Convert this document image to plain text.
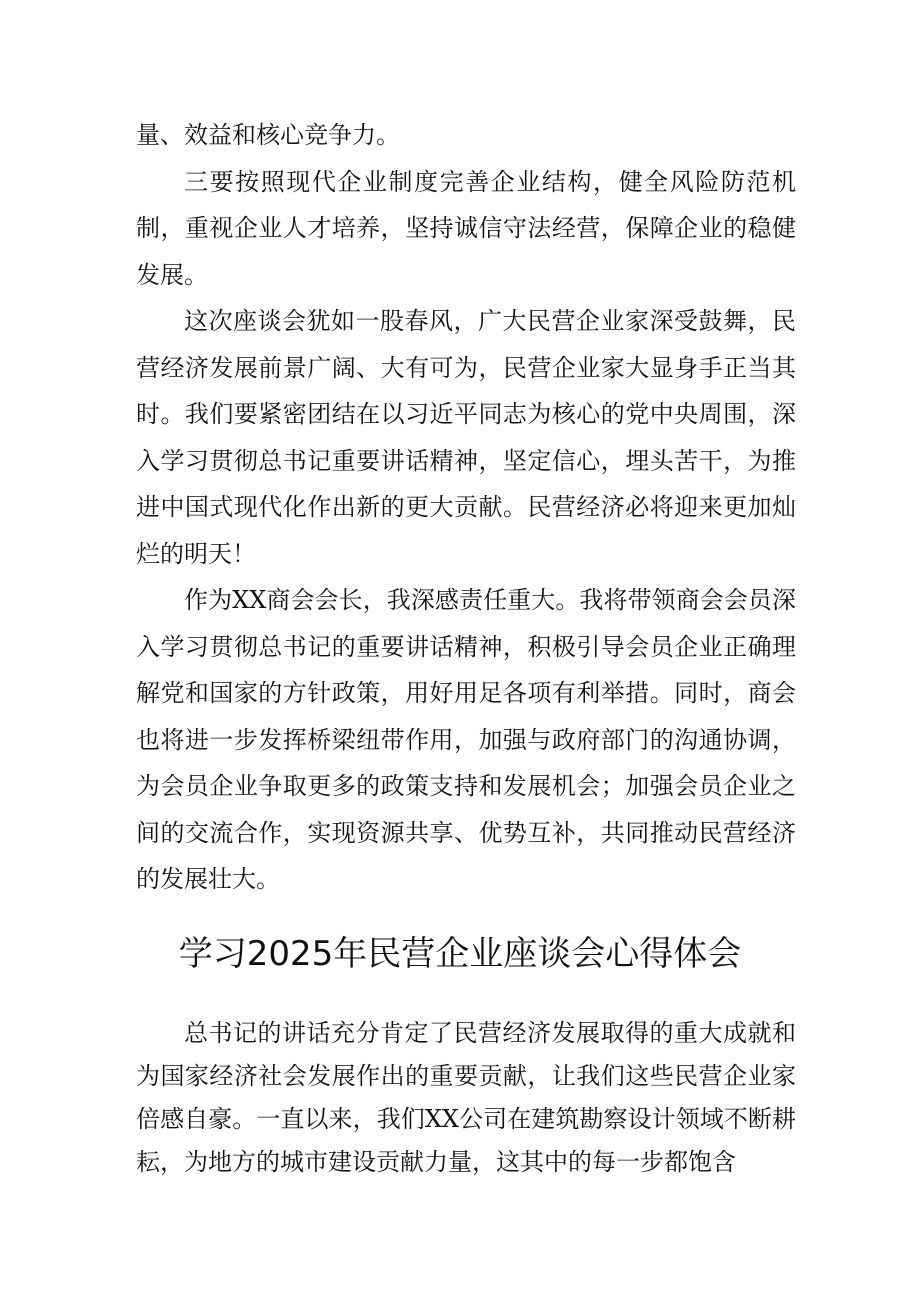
量、效益和核心竞争力。

三要按照现代企业制度完善企业结构，健全风险防范机制，重视企业人才培养，坚持诚信守法经营，保障企业的稳健发展。

这次座谈会犹如一股春风，广大民营企业家深受鼓舞，民营经济发展前景广阔、大有可为，民营企业家大显身手正当其时。我们要紧密团结在以习近平同志为核心的党中央周围，深入学习贯彻总书记重要讲话精神，坚定信心，埋头苦干，为推进中国式现代化作出新的更大贡献。民营经济必将迎来更加灿烂的明天！

作为XX商会会长，我深感责任重大。我将带领商会会员深入学习贯彻总书记的重要讲话精神，积极引导会员企业正确理解党和国家的方针政策，用好用足各项有利举措。同时，商会也将进一步发挥桥梁纽带作用，加强与政府部门的沟通协调，为会员企业争取更多的政策支持和发展机会；加强会员企业之间的交流合作，实现资源共享、优势互补，共同推动民营经济的发展壮大。

学习2025年民营企业座谈会心得体会

总书记的讲话充分肯定了民营经济发展取得的重大成就和为国家经济社会发展作出的重要贡献，让我们这些民营企业家倍感自豪。一直以来，我们XX公司在建筑勘察设计领域不断耕耘，为地方的城市建设贡献力量，这其中的每一步都饱含
